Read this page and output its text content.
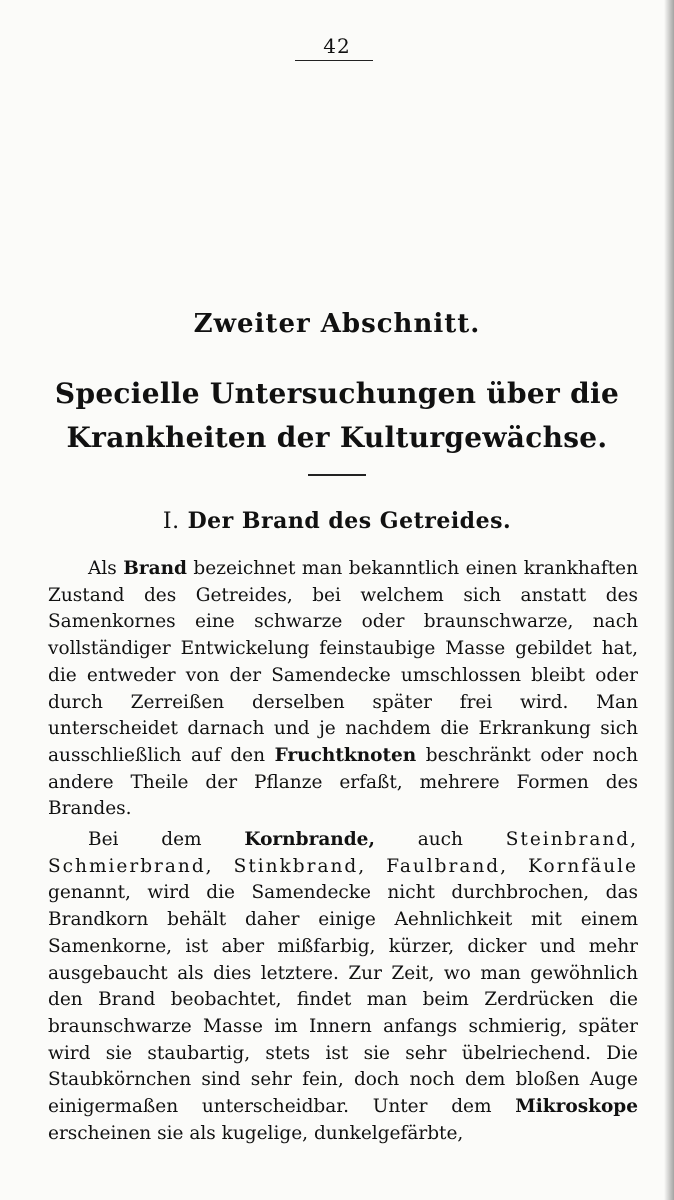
42
Zweiter Abschnitt.
Specielle Untersuchungen über die Krankheiten der Kulturgewächse.
I. Der Brand des Getreides.

Als Brand bezeichnet man bekanntlich einen krankhaften Zustand des Getreides, bei welchem sich anstatt des Samenkornes eine schwarze oder braunschwarze, nach vollständiger Entwickelung feinstaubige Masse gebildet hat, die entweder von der Samendecke umschlossen bleibt oder durch Zerreißen derselben später frei wird. Man unterscheidet darnach und je nachdem die Erkrankung sich ausschließlich auf den Fruchtknoten beschränkt oder noch andere Theile der Pflanze erfaßt, mehrere Formen des Brandes.

Bei dem Kornbrande, auch Steinbrand, Schmierbrand, Stinkbrand, Faulbrand, Kornfäule genannt, wird die Samendecke nicht durchbrochen, das Brandkorn behält daher einige Aehnlichkeit mit einem Samenkorne, ist aber mißfarbig, kürzer, dicker und mehr ausgebaucht als dies letztere. Zur Zeit, wo man gewöhnlich den Brand beobachtet, findet man beim Zerdrücken die braunschwarze Masse im Innern anfangs schmierig, später wird sie staubartig, stets ist sie sehr übelriechend. Die Staubkörnchen sind sehr fein, doch noch dem bloßen Auge einigermaßen unterscheidbar. Unter dem Mikroskope erscheinen sie als kugelige, dunkelgefärbte,
